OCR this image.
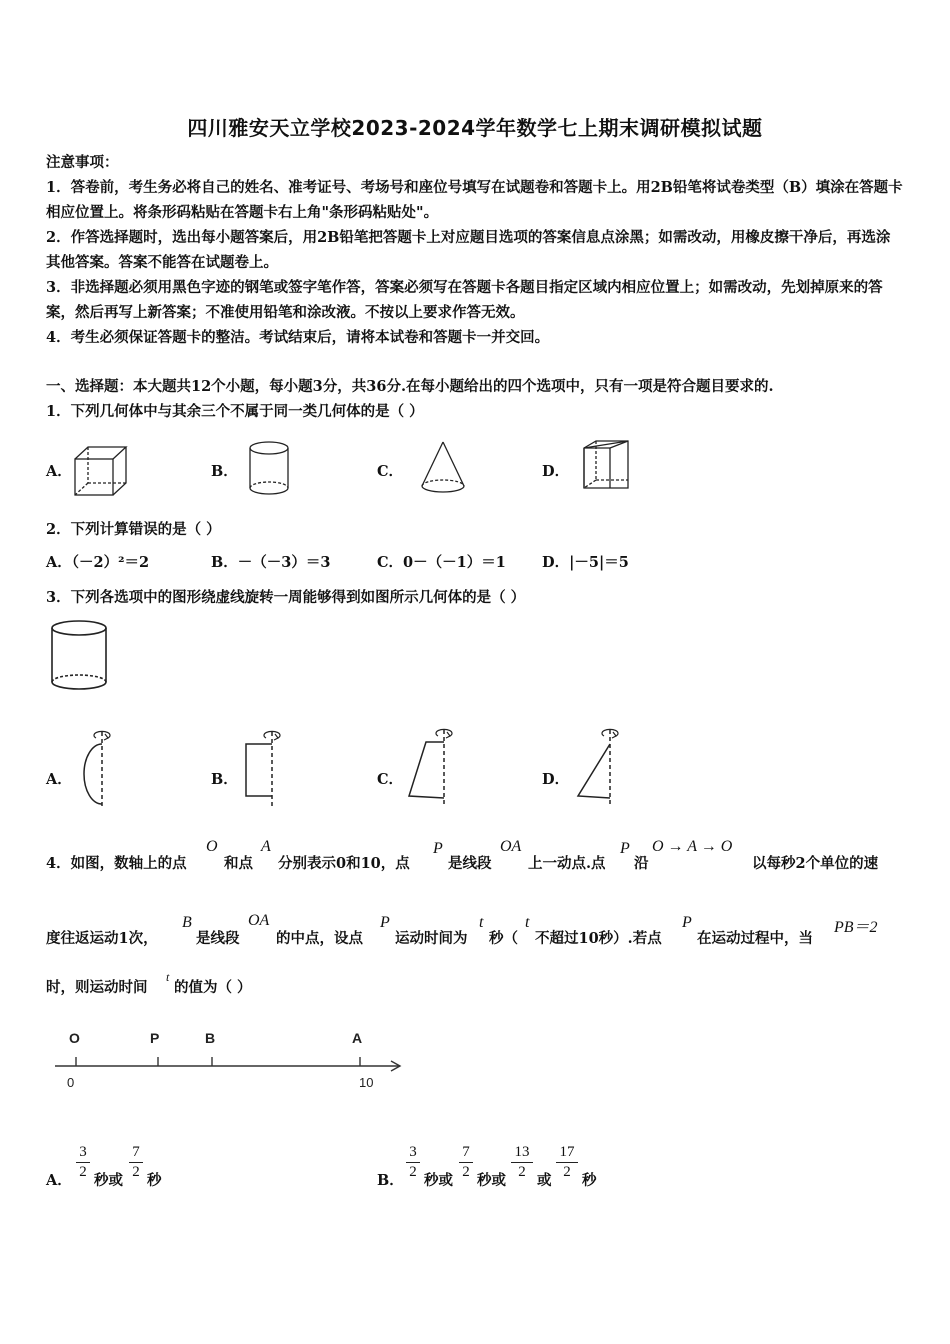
四川雅安天立学校2023-2024学年数学七上期末调研模拟试题
注意事项：
1．答卷前，考生务必将自己的姓名、准考证号、考场号和座位号填写在试题卷和答题卡上。用2B铅笔将试卷类型（B）填涂在答题卡相应位置上。将条形码粘贴在答题卡右上角"条形码粘贴处"。
2．作答选择题时，选出每小题答案后，用2B铅笔把答题卡上对应题目选项的答案信息点涂黑；如需改动，用橡皮擦干净后，再选涂其他答案。答案不能答在试题卷上。
3．非选择题必须用黑色字迹的钢笔或签字笔作答，答案必须写在答题卡各题目指定区域内相应位置上；如需改动，先划掉原来的答案，然后再写上新答案；不准使用铅笔和涂改液。不按以上要求作答无效。
4．考生必须保证答题卡的整洁。考试结束后，请将本试卷和答题卡一并交回。
一、选择题：本大题共12个小题，每小题3分，共36分.在每小题给出的四个选项中，只有一项是符合题目要求的.
1．下列几何体中与其余三个不属于同一类几何体的是（ ）
A．	B．	C．	D．
2．下列计算错误的是（ ）
A．（－2）²＝2	B．－（－3）＝3	C．0－（－1）＝1 D．|－5|＝5
3．下列各选项中的图形绕虚线旋转一周能够得到如图所示几何体的是（ ）
A．	B．	C．	D．
4．如图，数轴上的点
O
和点
A
分别表示0和10，点
P
是线段
OA
上一动点.点
P
沿
O → A → O
以每秒2个单位的速
度往返运动1次，
B
是线段
OA
的中点，设点
P
运动时间为
t
秒（
t
不超过10秒）.若点
P
在运动过程中，当
PB＝2
时，则运动时间
t
的值为（ ）
O	P	B	A
0	10
A．
3
2 秒或
7
2 秒	B．
3
2 秒或
7
2 秒或
13
2 或
17
2 秒
